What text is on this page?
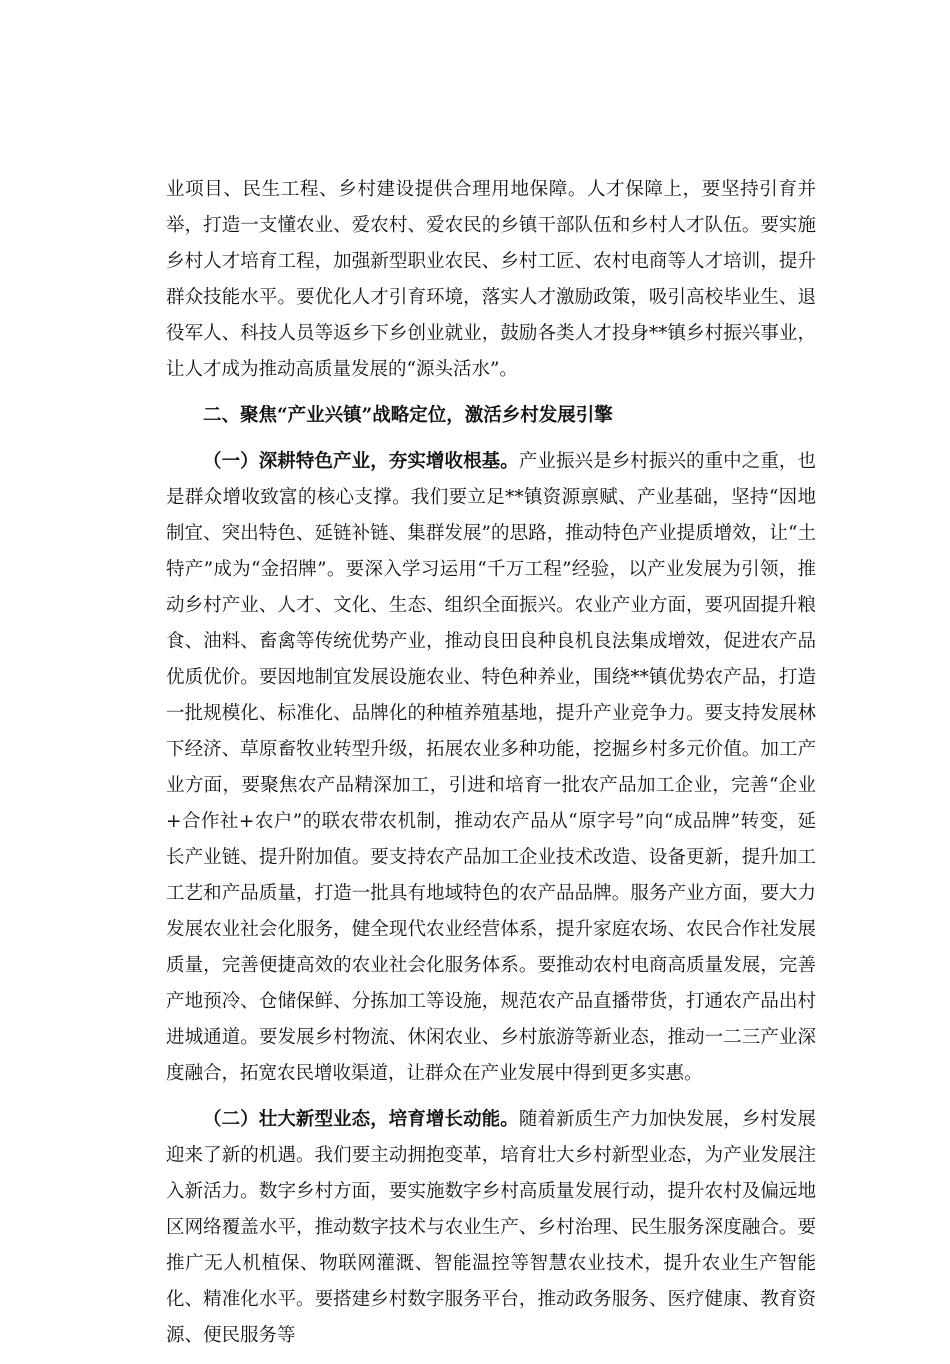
业项目、民生工程、乡村建设提供合理用地保障。人才保障上，要坚持引育并举，打造一支懂农业、爱农村、爱农民的乡镇干部队伍和乡村人才队伍。要实施乡村人才培育工程，加强新型职业农民、乡村工匠、农村电商等人才培训，提升群众技能水平。要优化人才引育环境，落实人才激励政策，吸引高校毕业生、退役军人、科技人员等返乡下乡创业就业，鼓励各类人才投身**镇乡村振兴事业，让人才成为推动高质量发展的“源头活水”。

二、聚焦“产业兴镇”战略定位，激活乡村发展引擎

（一）深耕特色产业，夯实增收根基。产业振兴是乡村振兴的重中之重，也是群众增收致富的核心支撑。我们要立足**镇资源禀赋、产业基础，坚持“因地制宜、突出特色、延链补链、集群发展”的思路，推动特色产业提质增效，让“土特产”成为“金招牌”。要深入学习运用“千万工程”经验，以产业发展为引领，推动乡村产业、人才、文化、生态、组织全面振兴。农业产业方面，要巩固提升粮食、油料、畜禽等传统优势产业，推动良田良种良机良法集成增效，促进农产品优质优价。要因地制宜发展设施农业、特色种养业，围绕**镇优势农产品，打造一批规模化、标准化、品牌化的种植养殖基地，提升产业竞争力。要支持发展林下经济、草原畜牧业转型升级，拓展农业多种功能，挖掘乡村多元价值。加工产业方面，要聚焦农产品精深加工，引进和培育一批农产品加工企业，完善“企业+合作社+农户”的联农带农机制，推动农产品从“原字号”向“成品牌”转变，延长产业链、提升附加值。要支持农产品加工企业技术改造、设备更新，提升加工工艺和产品质量，打造一批具有地域特色的农产品品牌。服务产业方面，要大力发展农业社会化服务，健全现代农业经营体系，提升家庭农场、农民合作社发展质量，完善便捷高效的农业社会化服务体系。要推动农村电商高质量发展，完善产地预冷、仓储保鲜、分拣加工等设施，规范农产品直播带货，打通农产品出村进城通道。要发展乡村物流、休闲农业、乡村旅游等新业态，推动一二三产业深度融合，拓宽农民增收渠道，让群众在产业发展中得到更多实惠。

（二）壮大新型业态，培育增长动能。随着新质生产力加快发展，乡村发展迎来了新的机遇。我们要主动拥抱变革，培育壮大乡村新型业态，为产业发展注入新活力。数字乡村方面，要实施数字乡村高质量发展行动，提升农村及偏远地区网络覆盖水平，推动数字技术与农业生产、乡村治理、民生服务深度融合。要推广无人机植保、物联网灌溉、智能温控等智慧农业技术，提升农业生产智能化、精准化水平。要搭建乡村数字服务平台，推动政务服务、医疗健康、教育资源、便民服务等
